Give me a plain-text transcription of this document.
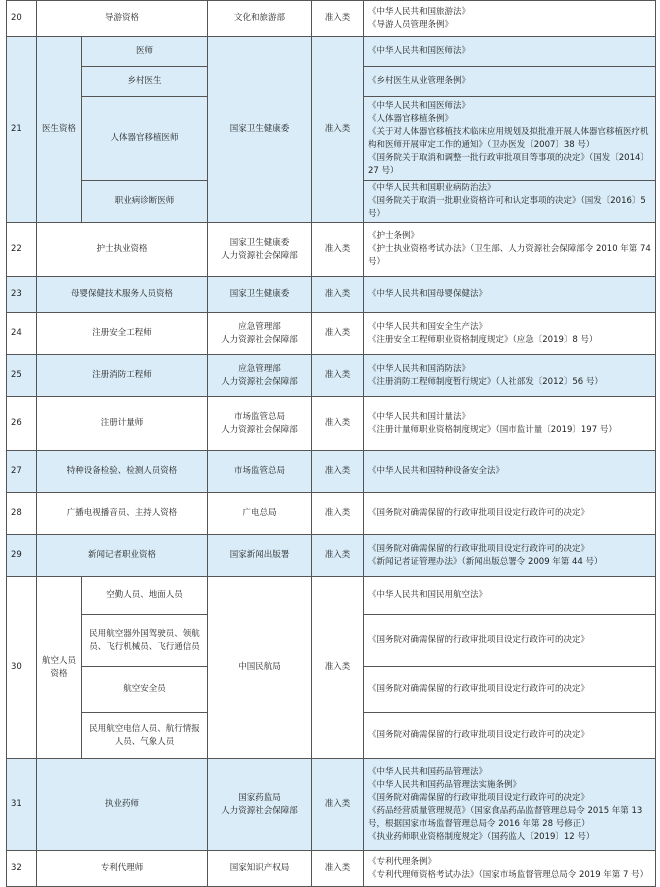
20	导游资格		文化和旅游部	准入类	《中华人民共和国旅游法》
《导游人员管理条例》

21	医生资格	医师	国家卫生健康委	准入类	《中华人民共和国医师法》

		乡村医生			《乡村医生从业管理条例》

		人体器官移植医师			《中华人民共和国医师法》
《人体器官移植条例》
《关于对人体器官移植技术临床应用规划及拟批准开展人体器官移植医疗机构和医师开展审定工作的通知》（卫办医发〔2007〕38 号）
《国务院关于取消和调整一批行政审批项目等事项的决定》（国发〔2014〕27 号）

		职业病诊断医师			《中华人民共和国职业病防治法》
《国务院关于取消一批职业资格许可和认定事项的决定》（国发〔2016〕5 号）

22	护士执业资格		国家卫生健康委
人力资源社会保障部	准入类	《护士条例》
《护士执业资格考试办法》（卫生部、人力资源社会保障部令 2010 年第 74 号）

23	母婴保健技术服务人员资格		国家卫生健康委	准入类	《中华人民共和国母婴保健法》

24	注册安全工程师		应急管理部
人力资源社会保障部	准入类	《中华人民共和国安全生产法》
《注册安全工程师职业资格制度规定》（应急〔2019〕8 号）

25	注册消防工程师		应急管理部
人力资源社会保障部	准入类	《中华人民共和国消防法》
《注册消防工程师制度暂行规定》（人社部发〔2012〕56 号）

26	注册计量师		市场监管总局
人力资源社会保障部	准入类	《中华人民共和国计量法》
《注册计量师职业资格制度规定》（国市监计量〔2019〕197 号）

27	特种设备检验、检测人员资格		市场监管总局	准入类	《中华人民共和国特种设备安全法》

28	广播电视播音员、主持人资格		广电总局	准入类	《国务院对确需保留的行政审批项目设定行政许可的决定》

29	新闻记者职业资格		国家新闻出版署	准入类	《国务院对确需保留的行政审批项目设定行政许可的决定》
《新闻记者证管理办法》（新闻出版总署令 2009 年第 44 号）

30	航空人员资格	空勤人员、地面人员	中国民航局	准入类	《中华人民共和国民用航空法》

		民用航空器外国驾驶员、领航员、飞行机械员、飞行通信员			《国务院对确需保留的行政审批项目设定行政许可的决定》

		航空安全员			《国务院对确需保留的行政审批项目设定行政许可的决定》

		民用航空电信人员、航行情报人员、气象人员			《国务院对确需保留的行政审批项目设定行政许可的决定》

31	执业药师		国家药监局
人力资源社会保障部	准入类	《中华人民共和国药品管理法》
《中华人民共和国药品管理法实施条例》
《国务院对确需保留的行政审批项目设定行政许可的决定》
《药品经营质量管理规范》（国家食品药品监督管理总局令 2015 年第 13 号，根据国家市场监督管理总局令 2016 年第 28 号修正）
《执业药师职业资格制度规定》（国药监人〔2019〕12 号）

32	专利代理师		国家知识产权局	准入类	《专利代理条例》
《专利代理师资格考试办法》（国家市场监督管理总局令 2019 年第 7 号）
